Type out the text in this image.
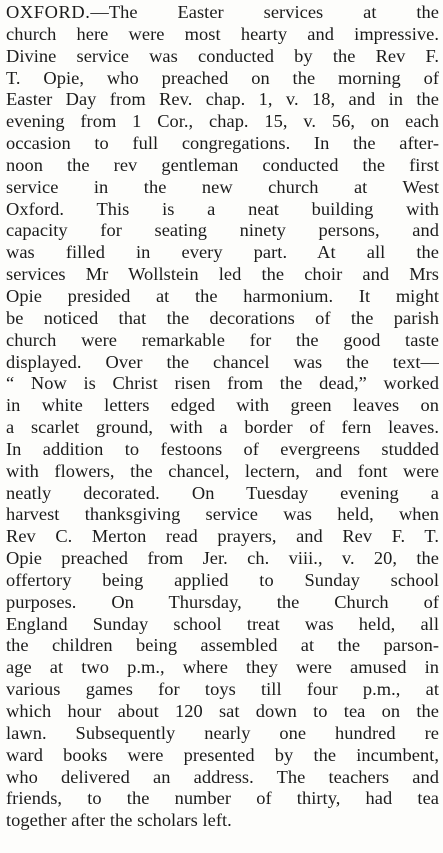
OXFORD.—The Easter services at the
church here were most hearty and impressive.
Divine service was conducted by the Rev F.
T. Opie, who preached on the morning of
Easter Day from Rev. chap. 1, v. 18, and in the
evening from 1 Cor., chap. 15, v. 56, on each
occasion to full congregations. In the after-
noon the rev gentleman conducted the first
service in the new church at West
Oxford. This is a neat building with
capacity for seating ninety persons, and
was filled in every part. At all the
services Mr Wollstein led the choir and Mrs
Opie presided at the harmonium. It might
be noticed that the decorations of the parish
church were remarkable for the good taste
displayed. Over the chancel was the text—
“ Now is Christ risen from the dead,” worked
in white letters edged with green leaves on
a scarlet ground, with a border of fern leaves.
In addition to festoons of evergreens studded
with flowers, the chancel, lectern, and font were
neatly decorated. On Tuesday evening a
harvest thanksgiving service was held, when
Rev C. Merton read prayers, and Rev F. T.
Opie preached from Jer. ch. viii., v. 20, the
offertory being applied to Sunday school
purposes. On Thursday, the Church of
England Sunday school treat was held, all
the children being assembled at the parson-
age at two p.m., where they were amused in
various games for toys till four p.m., at
which hour about 120 sat down to tea on the
lawn. Subsequently nearly one hundred re
ward books were presented by the incumbent,
who delivered an address. The teachers and
friends, to the number of thirty, had tea
together after the scholars left.
